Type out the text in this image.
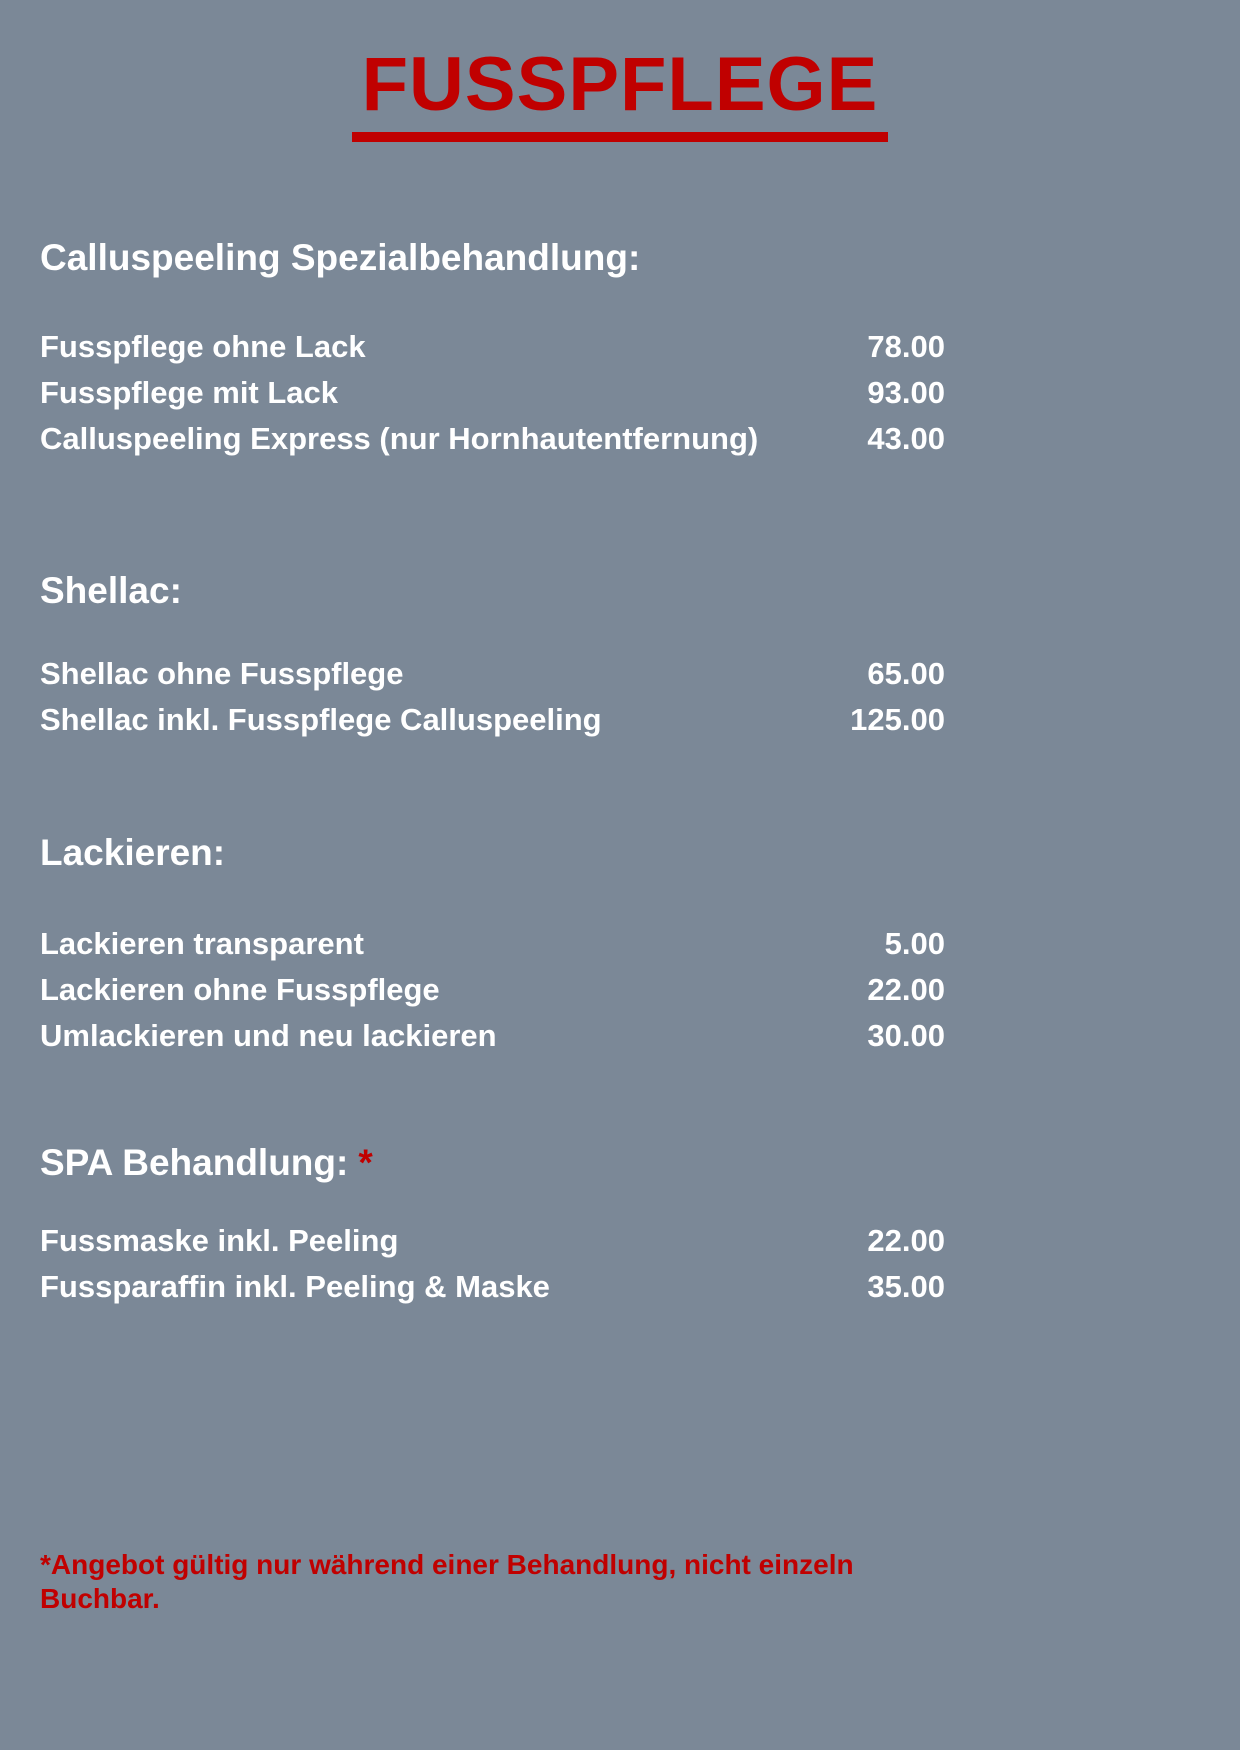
FUSSPFLEGE
Calluspeeling Spezialbehandlung:
Fusspflege ohne Lack	78.00
Fusspflege mit Lack	93.00
Calluspeeling Express (nur Hornhautentfernung)	43.00
Shellac:
Shellac ohne Fusspflege	65.00
Shellac inkl. Fusspflege Calluspeeling	125.00
Lackieren:
Lackieren transparent	5.00
Lackieren ohne Fusspflege	22.00
Umlackieren und neu lackieren	30.00
SPA Behandlung: *
Fussmaske inkl. Peeling	22.00
Fussparaffin inkl. Peeling & Maske	35.00
*Angebot gültig nur während einer Behandlung, nicht einzeln Buchbar.
